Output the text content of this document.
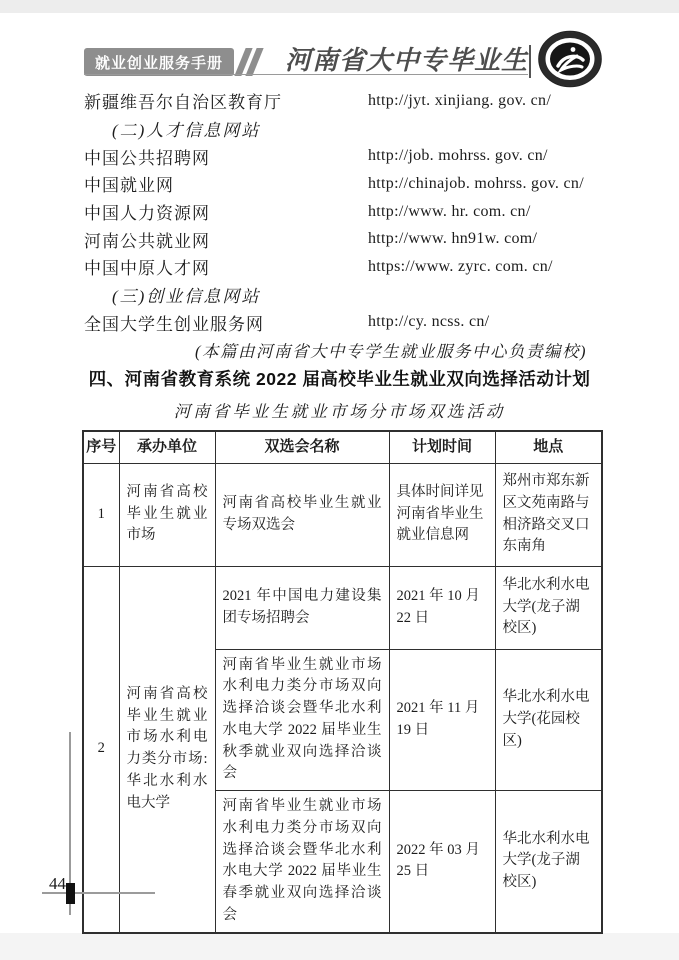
就业创业服务手册 河南省大中专毕业生
新疆维吾尔自治区教育厅	http://jyt. xinjiang. gov. cn/
(二)人才信息网站
中国公共招聘网	http://job. mohrss. gov. cn/
中国就业网	http://chinajob. mohrss. gov. cn/
中国人力资源网	http://www. hr. com. cn/
河南公共就业网	http://www. hn91w. com/
中国中原人才网	https://www. zyrc. com. cn/
(三)创业信息网站
全国大学生创业服务网	http://cy. ncss. cn/
(本篇由河南省大中专学生就业服务中心负责编校)
四、河南省教育系统 2022 届高校毕业生就业双向选择活动计划
河南省毕业生就业市场分市场双选活动
序号	承办单位	双选会名称	计划时间	地点
1	河南省高校毕业生就业市场	河南省高校毕业生就业专场双选会	具体时间详见河南省毕业生就业信息网	郑州市郑东新区文苑南路与相济路交叉口东南角
2	河南省高校毕业生就业市场水利电力类分市场:华北水利水电大学	2021 年中国电力建设集团专场招聘会	2021 年 10 月 22 日	华北水利水电大学(龙子湖校区)
		河南省毕业生就业市场水利电力类分市场双向选择洽谈会暨华北水利水电大学 2022 届毕业生秋季就业双向选择洽谈会	2021 年 11 月 19 日	华北水利水电大学(花园校区)
		河南省毕业生就业市场水利电力类分市场双向选择洽谈会暨华北水利水电大学 2022 届毕业生春季就业双向选择洽谈会	2022 年 03 月 25 日	华北水利水电大学(龙子湖校区)
44
